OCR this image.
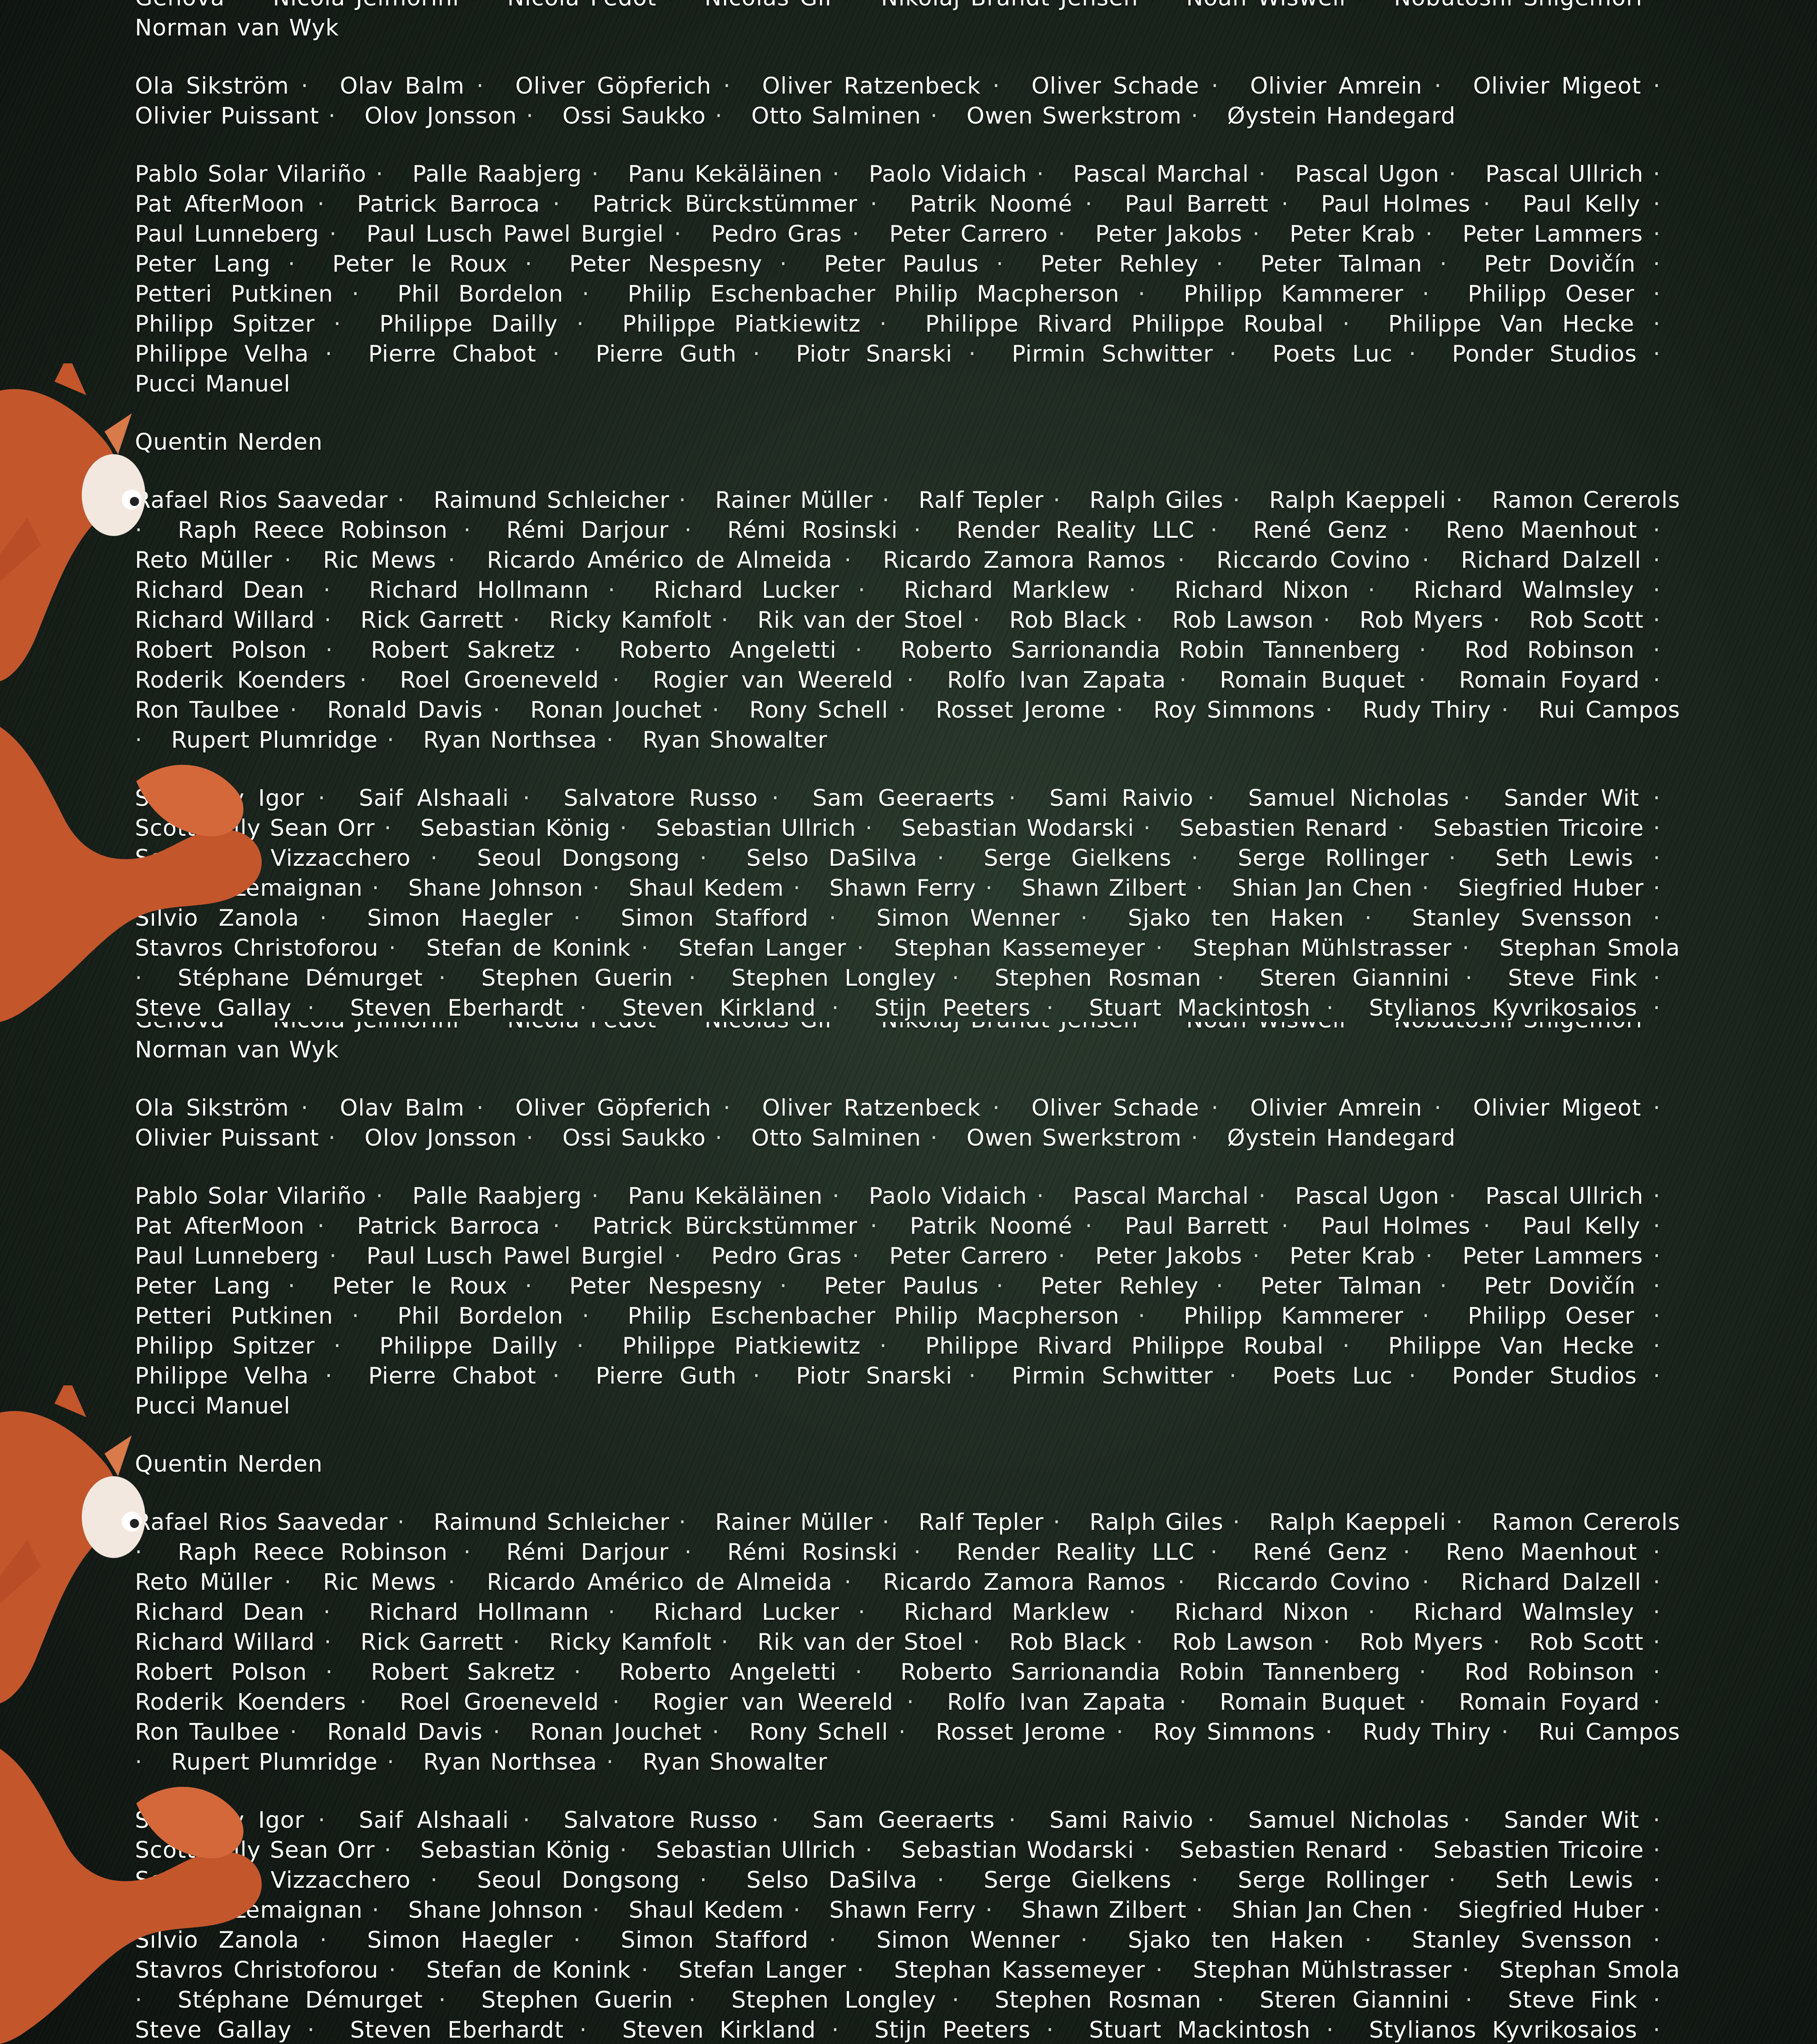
Norman van Wyk

Ola Sikström · Olav Balm · Oliver Göpferich · Oliver Ratzenbeck · Oliver Schade · Olivier Amrein · Olivier Migeot · Olivier Puissant · Olov Jonsson · Ossi Saukko · Otto Salminen · Owen Swerkstrom · Øystein Handegard

Pablo Solar Vilariño · Palle Raabjerg · Panu Kekäläinen · Paolo Vidaich · Pascal Marchal · Pascal Ugon · Pascal Ullrich · Pat AfterMoon · Patrick Barroca · Patrick Bürckstümmer · Patrik Noomé · Paul Barrett · Paul Holmes · Paul Kelly · Paul Lunneberg · Paul Lusch Pawel Burgiel · Pedro Gras · Peter Carrero · Peter Jakobs · Peter Krab · Peter Lammers · Peter Lang · Peter le Roux · Peter Nespesny · Peter Paulus · Peter Rehley · Peter Talman · Petr Dovičín · Petteri Putkinen · Phil Bordelon · Philip Eschenbacher Philip Macpherson · Philipp Kammerer · Philipp Oeser · Philipp Spitzer · Philippe Dailly · Philippe Piatkiewitz · Philippe Rivard Philippe Roubal · Philippe Van Hecke · Philippe Velha · Pierre Chabot · Pierre Guth · Piotr Snarski · Pirmin Schwitter · Poets Luc · Ponder Studios · Pucci Manuel

Quentin Nerden

Rafael Rios Saavedar · Raimund Schleicher · Rainer Müller · Ralf Tepler · Ralph Giles · Ralph Kaeppeli · Ramon Cererols · Raph Reece Robinson · Rémi Darjour · Rémi Rosinski · Render Reality LLC · René Genz · Reno Maenhout · Reto Müller · Ric Mews · Ricardo Américo de Almeida · Ricardo Zamora Ramos · Riccardo Covino · Richard Dalzell · Richard Dean · Richard Hollmann · Richard Lucker · Richard Marklew · Richard Nixon · Richard Walmsley · Richard Willard · Rick Garrett · Ricky Kamfolt · Rik van der Stoel · Rob Black · Rob Lawson · Rob Myers · Rob Scott · Robert Polson · Robert Sakretz · Roberto Angeletti · Roberto Sarrionandia Robin Tannenberg · Rod Robinson · Roderik Koenders · Roel Groeneveld · Rogier van Weereld · Rolfo Ivan Zapata · Romain Buquet · Romain Foyard · Ron Taulbee · Ronald Davis · Ronan Jouchet · Rony Schell · Rosset Jerome · Roy Simmons · Rudy Thiry · Rui Campos · Rupert Plumridge · Ryan Northsea · Ryan Showalter

Igor · Saif Alshaali · Salvatore Russo · Sam Geeraerts · Sami Raivio · Samuel Nicholas · Sander Wit · Scott Kelly Sean Orr · Sebastian König · Sebastian Ullrich · Sebastian Wodarski · Sebastien Renard · Sebastien Tricoire · Sebastien Vizzacchero · Seoul Dongsong · Selso DaSilva · Serge Gielkens · Serge Rollinger · Seth Lewis · Séverin Lemaignan · Shane Johnson · Shaul Kedem · Shawn Ferry · Shawn Zilbert · Shian Jan Chen · Siegfried Huber · Silvio Zanola · Simon Haegler · Simon Stafford · Simon Wenner · Sjako ten Haken · Stanley Svensson · Stavros Christoforou · Stefan de Konink · Stefan Langer · Stephan Kassemeyer · Stephan Mühlstrasser · Stephan Smola · Stéphane Démurget · Stephen Guerin · Stephen Longley · Stephen Rosman · Steren Giannini · Steve Fink · Steve Gallay · Steven Eberhardt · Steven Kirkland · Stijn Peeters · Stuart Mackintosh · Stylianos Kyvrikosaios ·

Norman van Wyk

Ola Sikström · Olav Balm · Oliver Göpferich · Oliver Ratzenbeck · Oliver Schade · Olivier Amrein · Olivier Migeot · Olivier Puissant · Olov Jonsson · Ossi Saukko · Otto Salminen · Owen Swerkstrom · Øystein Handegard

Pablo Solar Vilariño · Palle Raabjerg · Panu Kekäläinen · Paolo Vidaich · Pascal Marchal · Pascal Ugon · Pascal Ullrich · Pat AfterMoon · Patrick Barroca · Patrick Bürckstümmer · Patrik Noomé · Paul Barrett · Paul Holmes · Paul Kelly · Paul Lunneberg · Paul Lusch Pawel Burgiel · Pedro Gras · Peter Carrero · Peter Jakobs · Peter Krab · Peter Lammers · Peter Lang · Peter le Roux · Peter Nespesny · Peter Paulus · Peter Rehley · Peter Talman · Petr Dovičín · Petteri Putkinen · Phil Bordelon · Philip Eschenbacher Philip Macpherson · Philipp Kammerer · Philipp Oeser · Philipp Spitzer · Philippe Dailly · Philippe Piatkiewitz · Philippe Rivard Philippe Roubal · Philippe Van Hecke · Philippe Velha · Pierre Chabot · Pierre Guth · Piotr Snarski · Pirmin Schwitter · Poets Luc · Ponder Studios · Pucci Manuel

Quentin Nerden

Rafael Rios Saavedar · Raimund Schleicher · Rainer Müller · Ralf Tepler · Ralph Giles · Ralph Kaeppeli · Ramon Cererols · Raph Reece Robinson · Rémi Darjour · Rémi Rosinski · Render Reality LLC · René Genz · Reno Maenhout · Reto Müller · Ric Mews · Ricardo Américo de Almeida · Ricardo Zamora Ramos · Riccardo Covino · Richard Dalzell · Richard Dean · Richard Hollmann · Richard Lucker · Richard Marklew · Richard Nixon · Richard Walmsley · Richard Willard · Rick Garrett · Ricky Kamfolt · Rik van der Stoel · Rob Black · Rob Lawson · Rob Myers · Rob Scott · Robert Polson · Robert Sakretz · Roberto Angeletti · Roberto Sarrionandia Robin Tannenberg · Rod Robinson · Roderik Koenders · Roel Groeneveld · Rogier van Weereld · Rolfo Ivan Zapata · Romain Buquet · Romain Foyard · Ron Taulbee · Ronald Davis · Ronan Jouchet · Rony Schell · Rosset Jerome · Roy Simmons · Rudy Thiry · Rui Campos · Rupert Plumridge · Ryan Northsea · Ryan Showalter

Igor · Saif Alshaali · Salvatore Russo · Sam Geeraerts · Sami Raivio · Samuel Nicholas · Sander Wit · Scott Kelly Sean Orr · Sebastian König · Sebastian Ullrich · Sebastian Wodarski · Sebastien Renard · Sebastien Tricoire · Sebastien Vizzacchero · Seoul Dongsong · Selso DaSilva · Serge Gielkens · Serge Rollinger · Seth Lewis · Séverin Lemaignan · Shane Johnson · Shaul Kedem · Shawn Ferry · Shawn Zilbert · Shian Jan Chen · Siegfried Huber · Silvio Zanola · Simon Haegler · Simon Stafford · Simon Wenner · Sjako ten Haken · Stanley Svensson · Stavros Christoforou · Stefan de Konink · Stefan Langer · Stephan Kassemeyer · Stephan Mühlstrasser · Stephan Smola · Stéphane Démurget · Stephen Guerin · Stephen Longley · Stephen Rosman · Steren Giannini · Steve Fink · Steve Gallay · Steven Eberhardt · Steven Kirkland · Stijn Peeters · Stuart Mackintosh · Stylianos Kyvrikosaios ·
